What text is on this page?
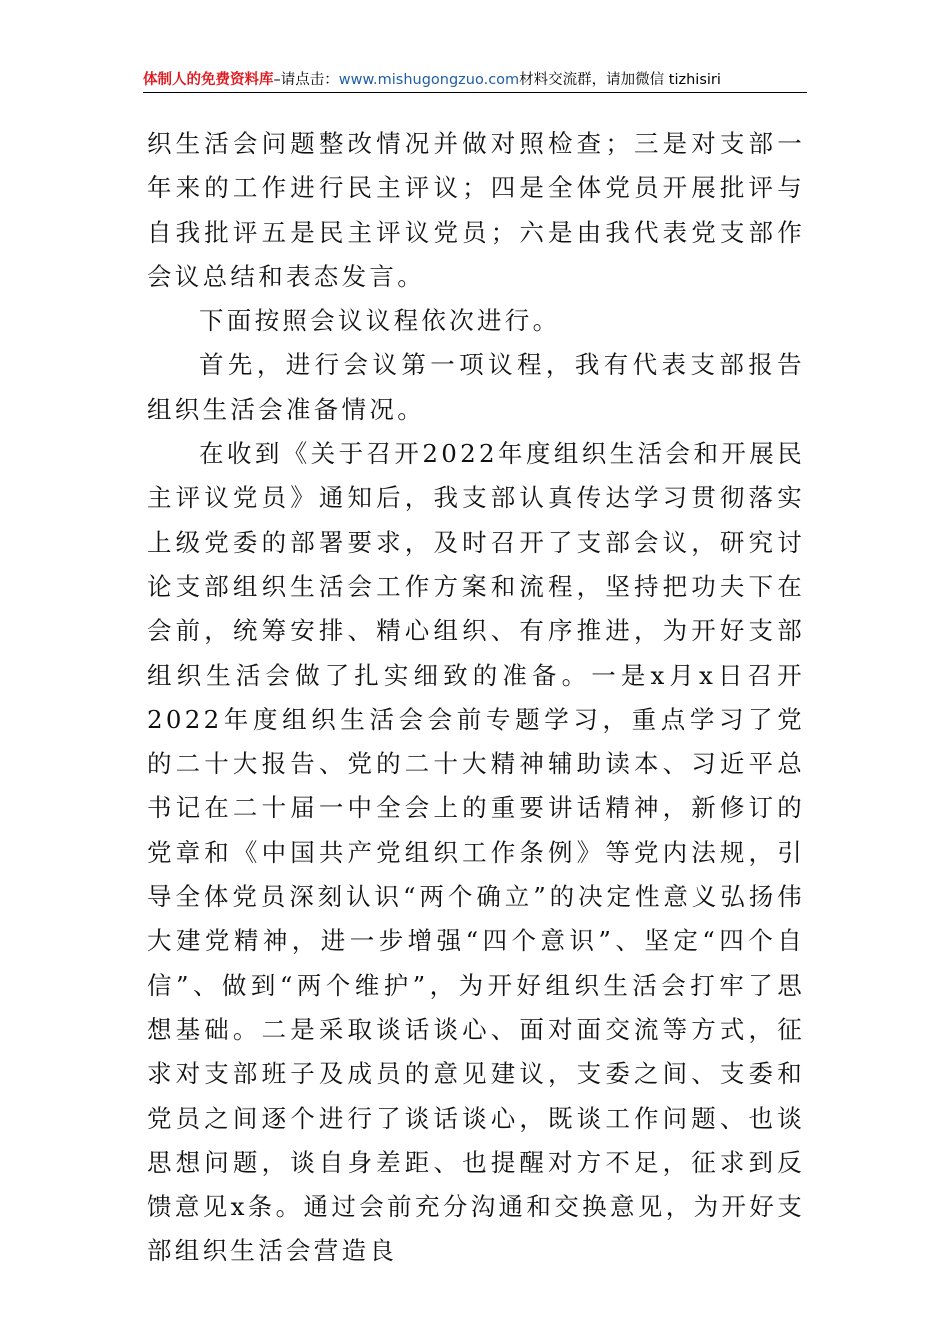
体制人的免费资料库–请点击：www.mishugongzuo.com材料交流群，请加微信 tizhisiri

织生活会问题整改情况并做对照检查；三是对支部一年来的工作进行民主评议；四是全体党员开展批评与自我批评五是民主评议党员；六是由我代表党支部作会议总结和表态发言。

下面按照会议议程依次进行。

首先，进行会议第一项议程，我有代表支部报告组织生活会准备情况。

在收到《关于召开2022年度组织生活会和开展民主评议党员》通知后，我支部认真传达学习贯彻落实上级党委的部署要求，及时召开了支部会议，研究讨论支部组织生活会工作方案和流程，坚持把功夫下在会前，统筹安排、精心组织、有序推进，为开好支部组织生活会做了扎实细致的准备。一是x月x日召开2022年度组织生活会会前专题学习，重点学习了党的二十大报告、党的二十大精神辅助读本、习近平总书记在二十届一中全会上的重要讲话精神，新修订的党章和《中国共产党组织工作条例》等党内法规，引导全体党员深刻认识“两个确立”的决定性意义弘扬伟大建党精神，进一步增强“四个意识”、坚定“四个自信”、做到“两个维护”，为开好组织生活会打牢了思想基础。二是采取谈话谈心、面对面交流等方式，征求对支部班子及成员的意见建议，支委之间、支委和党员之间逐个进行了谈话谈心，既谈工作问题、也谈思想问题，谈自身差距、也提醒对方不足，征求到反馈意见x条。通过会前充分沟通和交换意见，为开好支部组织生活会营造良
